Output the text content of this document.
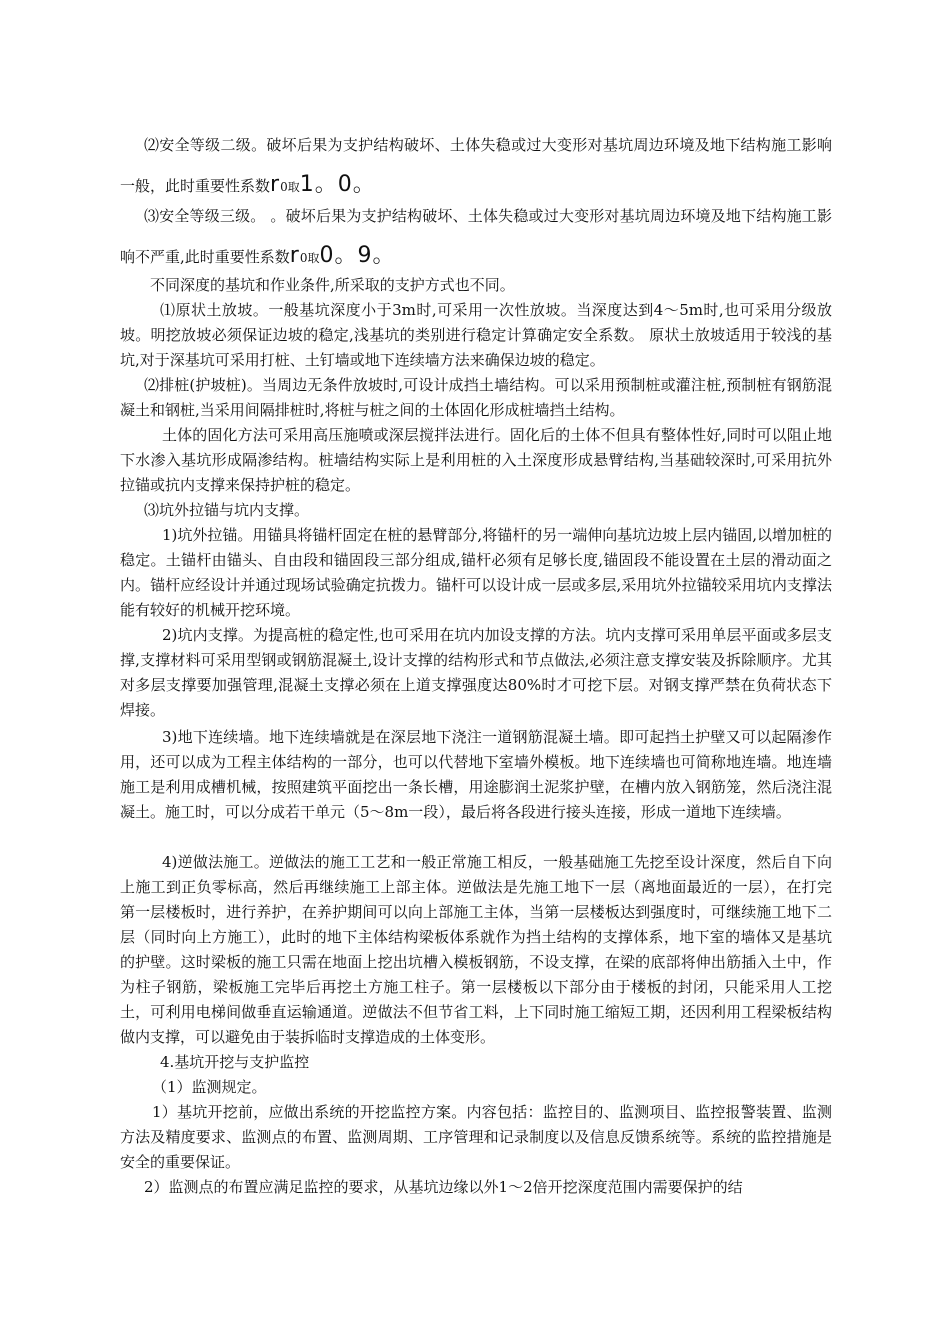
⑵安全等级二级。破坏后果为支护结构破坏、土体失稳或过大变形对基坑周边环境及地下结构施工影响一般，此时重要性系数r0取1。0。

⑶安全等级三级。 。破坏后果为支护结构破坏、土体失稳或过大变形对基坑周边环境及地下结构施工影响不严重,此时重要性系数r0取0。9。

不同深度的基坑和作业条件,所采取的支护方式也不同。

⑴原状土放坡。一般基坑深度小于3m时,可采用一次性放坡。当深度达到4～5m时,也可采用分级放坡。明挖放坡必须保证边坡的稳定,浅基坑的类别进行稳定计算确定安全系数。 原状土放坡适用于较浅的基坑,对于深基坑可采用打桩、土钉墙或地下连续墙方法来确保边坡的稳定。

⑵排桩(护坡桩)。当周边无条件放坡时,可设计成挡土墙结构。可以采用预制桩或灌注桩,预制桩有钢筋混凝土和钢桩,当采用间隔排桩时,将桩与桩之间的土体固化形成桩墙挡土结构。

土体的固化方法可采用高压施喷或深层搅拌法进行。固化后的土体不但具有整体性好,同时可以阻止地下水渗入基坑形成隔渗结构。桩墙结构实际上是利用桩的入土深度形成悬臂结构,当基础较深时,可采用抗外拉锚或抗内支撑来保持护桩的稳定。

⑶坑外拉锚与坑内支撑。

1)坑外拉锚。用锚具将锚杆固定在桩的悬臂部分,将锚杆的另一端伸向基坑边坡上层内锚固,以增加桩的稳定。土锚杆由锚头、自由段和锚固段三部分组成,锚杆必须有足够长度,锚固段不能设置在土层的滑动面之内。锚杆应经设计并通过现场试验确定抗拨力。锚杆可以设计成一层或多层,采用坑外拉锚较采用坑内支撑法能有较好的机械开挖环境。

2)坑内支撑。为提高桩的稳定性,也可采用在坑内加设支撑的方法。坑内支撑可采用单层平面或多层支撑,支撑材料可采用型钢或钢筋混凝土,设计支撑的结构形式和节点做法,必须注意支撑安装及拆除顺序。尤其对多层支撑要加强管理,混凝土支撑必须在上道支撑强度达80%时才可挖下层。对钢支撑严禁在负荷状态下焊接。

3)地下连续墙。地下连续墙就是在深层地下浇注一道钢筋混凝土墙。即可起挡土护壁又可以起隔渗作用，还可以成为工程主体结构的一部分，也可以代替地下室墙外模板。地下连续墙也可简称地连墙。地连墙施工是利用成槽机械，按照建筑平面挖出一条长槽，用途膨润土泥浆护壁，在槽内放入钢筋笼，然后浇注混凝土。施工时，可以分成若干单元（5～8m一段），最后将各段进行接头连接，形成一道地下连续墙。

4)逆做法施工。逆做法的施工工艺和一般正常施工相反，一般基础施工先挖至设计深度，然后自下向上施工到正负零标高，然后再继续施工上部主体。逆做法是先施工地下一层（离地面最近的一层），在打完第一层楼板时，进行养护，在养护期间可以向上部施工主体，当第一层楼板达到强度时，可继续施工地下二层（同时向上方施工），此时的地下主体结构梁板体系就作为挡土结构的支撑体系，地下室的墙体又是基坑的护壁。这时梁板的施工只需在地面上挖出坑槽入模板钢筋，不设支撑，在梁的底部将伸出筋插入土中，作为柱子钢筋，梁板施工完毕后再挖土方施工柱子。第一层楼板以下部分由于楼板的封闭，只能采用人工挖土，可利用电梯间做垂直运输通道。逆做法不但节省工料，上下同时施工缩短工期，还因利用工程梁板结构做内支撑，可以避免由于装拆临时支撑造成的土体变形。

4.基坑开挖与支护监控

（1）监测规定。

1）基坑开挖前，应做出系统的开挖监控方案。内容包括：监控目的、监测项目、监控报警装置、监测方法及精度要求、监测点的布置、监测周期、工序管理和记录制度以及信息反馈系统等。系统的监控措施是安全的重要保证。

2）监测点的布置应满足监控的要求，从基坑边缘以外1～2倍开挖深度范围内需要保护的结
